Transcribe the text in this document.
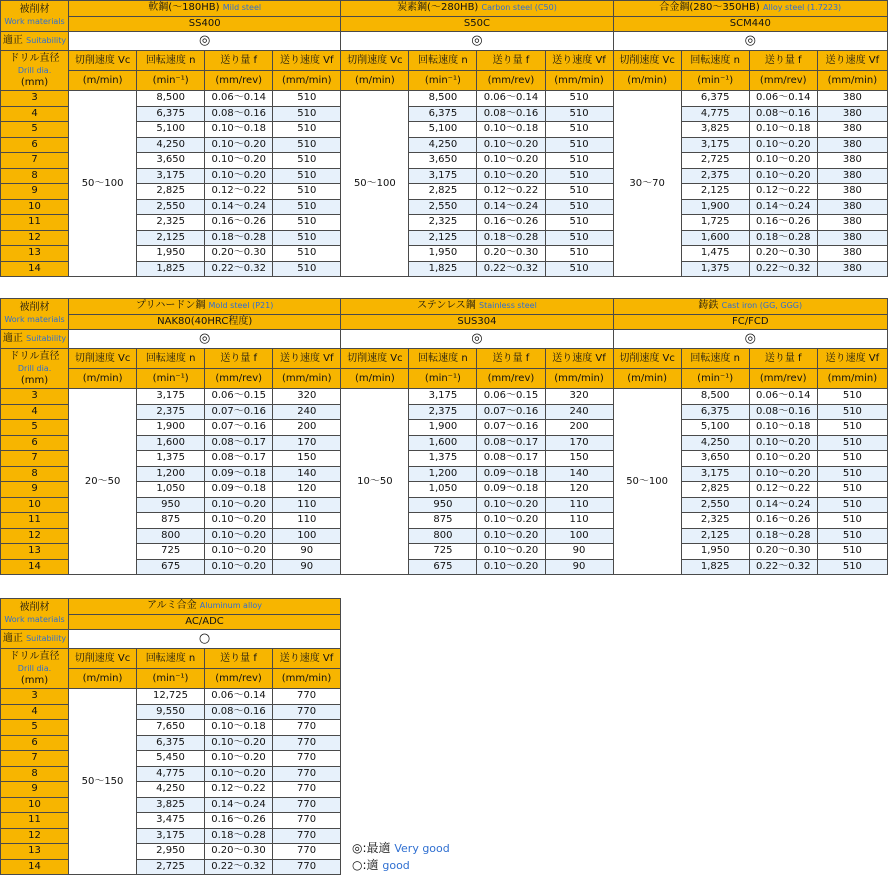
被削材
Work materials	軟鋼(～180HB) Mild steel				炭素鋼(～280HB) Carbon steel (C50)				合金鋼(280～350HB) Alloy steel (1.7223)			
	SS400				S50C				SCM440			
適正 Suitability	◎				◎				◎			
ドリル直径
Drill dia.
(mm)	切削速度 Vc	回転速度 n	送り量 f	送り速度 Vf	切削速度 Vc	回転速度 n	送り量 f	送り速度 Vf	切削速度 Vc	回転速度 n	送り量 f	送り速度 Vf
	(m/min)	(min⁻¹)	(mm/rev)	(mm/min)	(m/min)	(min⁻¹)	(mm/rev)	(mm/min)	(m/min)	(min⁻¹)	(mm/rev)	(mm/min)
3	50～100	8,500	0.06～0.14	510	50～100	8,500	0.06～0.14	510	30～70	6,375	0.06～0.14	380
4		6,375	0.08～0.16	510		6,375	0.08～0.16	510		4,775	0.08～0.16	380
5		5,100	0.10～0.18	510		5,100	0.10～0.18	510		3,825	0.10～0.18	380
6		4,250	0.10～0.20	510		4,250	0.10～0.20	510		3,175	0.10～0.20	380
7		3,650	0.10～0.20	510		3,650	0.10～0.20	510		2,725	0.10～0.20	380
8		3,175	0.10～0.20	510		3,175	0.10～0.20	510		2,375	0.10～0.20	380
9		2,825	0.12～0.22	510		2,825	0.12～0.22	510		2,125	0.12～0.22	380
10		2,550	0.14～0.24	510		2,550	0.14～0.24	510		1,900	0.14～0.24	380
11		2,325	0.16～0.26	510		2,325	0.16～0.26	510		1,725	0.16～0.26	380
12		2,125	0.18～0.28	510		2,125	0.18～0.28	510		1,600	0.18～0.28	380
13		1,950	0.20～0.30	510		1,950	0.20～0.30	510		1,475	0.20～0.30	380
14		1,825	0.22～0.32	510		1,825	0.22～0.32	510		1,375	0.22～0.32	380
被削材
Work materials	プリハードン鋼 Mold steel (P21)				ステンレス鋼 Stainless steel				鋳鉄 Cast iron (GG, GGG)			
	NAK80(40HRC程度)				SUS304				FC/FCD			
適正 Suitability	◎				◎				◎			
ドリル直径
Drill dia.
(mm)	切削速度 Vc	回転速度 n	送り量 f	送り速度 Vf	切削速度 Vc	回転速度 n	送り量 f	送り速度 Vf	切削速度 Vc	回転速度 n	送り量 f	送り速度 Vf
	(m/min)	(min⁻¹)	(mm/rev)	(mm/min)	(m/min)	(min⁻¹)	(mm/rev)	(mm/min)	(m/min)	(min⁻¹)	(mm/rev)	(mm/min)
3	20～50	3,175	0.06～0.15	320	10～50	3,175	0.06～0.15	320	50～100	8,500	0.06～0.14	510
4		2,375	0.07～0.16	240		2,375	0.07～0.16	240		6,375	0.08～0.16	510
5		1,900	0.07～0.16	200		1,900	0.07～0.16	200		5,100	0.10～0.18	510
6		1,600	0.08～0.17	170		1,600	0.08～0.17	170		4,250	0.10～0.20	510
7		1,375	0.08～0.17	150		1,375	0.08～0.17	150		3,650	0.10～0.20	510
8		1,200	0.09～0.18	140		1,200	0.09～0.18	140		3,175	0.10～0.20	510
9		1,050	0.09～0.18	120		1,050	0.09～0.18	120		2,825	0.12～0.22	510
10		950	0.10～0.20	110		950	0.10～0.20	110		2,550	0.14～0.24	510
11		875	0.10～0.20	110		875	0.10～0.20	110		2,325	0.16～0.26	510
12		800	0.10～0.20	100		800	0.10～0.20	100		2,125	0.18～0.28	510
13		725	0.10～0.20	90		725	0.10～0.20	90		1,950	0.20～0.30	510
14		675	0.10～0.20	90		675	0.10～0.20	90		1,825	0.22～0.32	510
被削材
Work materials	アルミ合金 Aluminum alloy			
	AC/ADC			
適正 Suitability	○			
ドリル直径
Drill dia.
(mm)	切削速度 Vc	回転速度 n	送り量 f	送り速度 Vf
	(m/min)	(min⁻¹)	(mm/rev)	(mm/min)
3	50～150	12,725	0.06～0.14	770
4		9,550	0.08～0.16	770
5		7,650	0.10～0.18	770
6		6,375	0.10～0.20	770
7		5,450	0.10～0.20	770
8		4,775	0.10～0.20	770
9		4,250	0.12～0.22	770
10		3,825	0.14～0.24	770
11		3,475	0.16～0.26	770
12		3,175	0.18～0.28	770
13		2,950	0.20～0.30	770
14		2,725	0.22～0.32	770
◎:最適 Very good
○:適 good
